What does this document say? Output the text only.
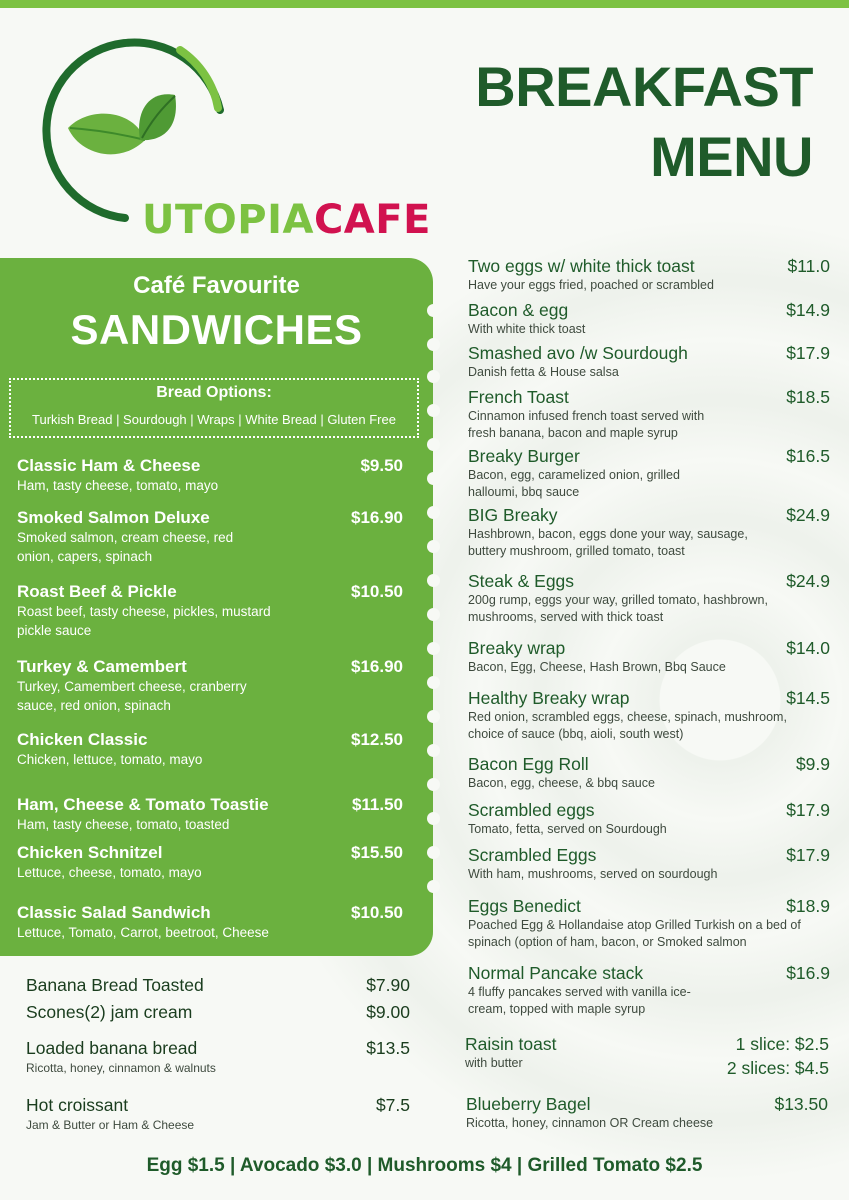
UTOPIACAFE
BREAKFAST
MENU
Café Favourite
SANDWICHES
Bread Options:
Turkish Bread | Sourdough | Wraps | White Bread | Gluten Free
Classic Ham & Cheese	$9.50
Ham, tasty cheese, tomato, mayo
Smoked Salmon Deluxe	$16.90
Smoked salmon, cream cheese, red onion, capers, spinach
Roast Beef & Pickle	$10.50
Roast beef, tasty cheese, pickles, mustard pickle sauce
Turkey & Camembert	$16.90
Turkey, Camembert cheese, cranberry sauce, red onion, spinach
Chicken Classic	$12.50
Chicken, lettuce, tomato, mayo
Ham, Cheese & Tomato Toastie	$11.50
Ham, tasty cheese, tomato, toasted
Chicken Schnitzel	$15.50
Lettuce, cheese, tomato, mayo
Classic Salad Sandwich	$10.50
Lettuce, Tomato, Carrot, beetroot, Cheese
Banana Bread Toasted	$7.90
Scones(2) jam cream	$9.00
Loaded banana bread	$13.5
Ricotta, honey, cinnamon & walnuts
Hot croissant	$7.5
Jam & Butter or Ham & Cheese
Two eggs w/ white thick toast	$11.0
Have your eggs fried, poached or scrambled
Bacon & egg	$14.9
With white thick toast
Smashed avo /w Sourdough	$17.9
Danish fetta & House salsa
French Toast	$18.5
Cinnamon infused french toast served with fresh banana, bacon and maple syrup
Breaky Burger	$16.5
Bacon, egg, caramelized onion, grilled halloumi, bbq sauce
BIG Breaky	$24.9
Hashbrown, bacon, eggs done your way, sausage, buttery mushroom, grilled tomato, toast
Steak & Eggs	$24.9
200g rump, eggs your way, grilled tomato, hashbrown, mushrooms, served with thick toast
Breaky wrap	$14.0
Bacon, Egg, Cheese, Hash Brown, Bbq Sauce
Healthy Breaky wrap	$14.5
Red onion, scrambled eggs, cheese, spinach, mushroom, choice of sauce (bbq, aioli, south west)
Bacon Egg Roll	$9.9
Bacon, egg, cheese, & bbq sauce
Scrambled eggs	$17.9
Tomato, fetta, served on Sourdough
Scrambled Eggs	$17.9
With ham, mushrooms, served on sourdough
Eggs Benedict	$18.9
Poached Egg & Hollandaise atop Grilled Turkish on a bed of spinach (option of ham, bacon, or Smoked salmon
Normal Pancake stack	$16.9
4 fluffy pancakes served with vanilla ice-cream, topped with maple syrup
Raisin toast
with butter
1 slice: $2.5
2 slices: $4.5
Blueberry Bagel	$13.50
Ricotta, honey, cinnamon OR Cream cheese
Egg $1.5 | Avocado $3.0 | Mushrooms $4 | Grilled Tomato $2.5
